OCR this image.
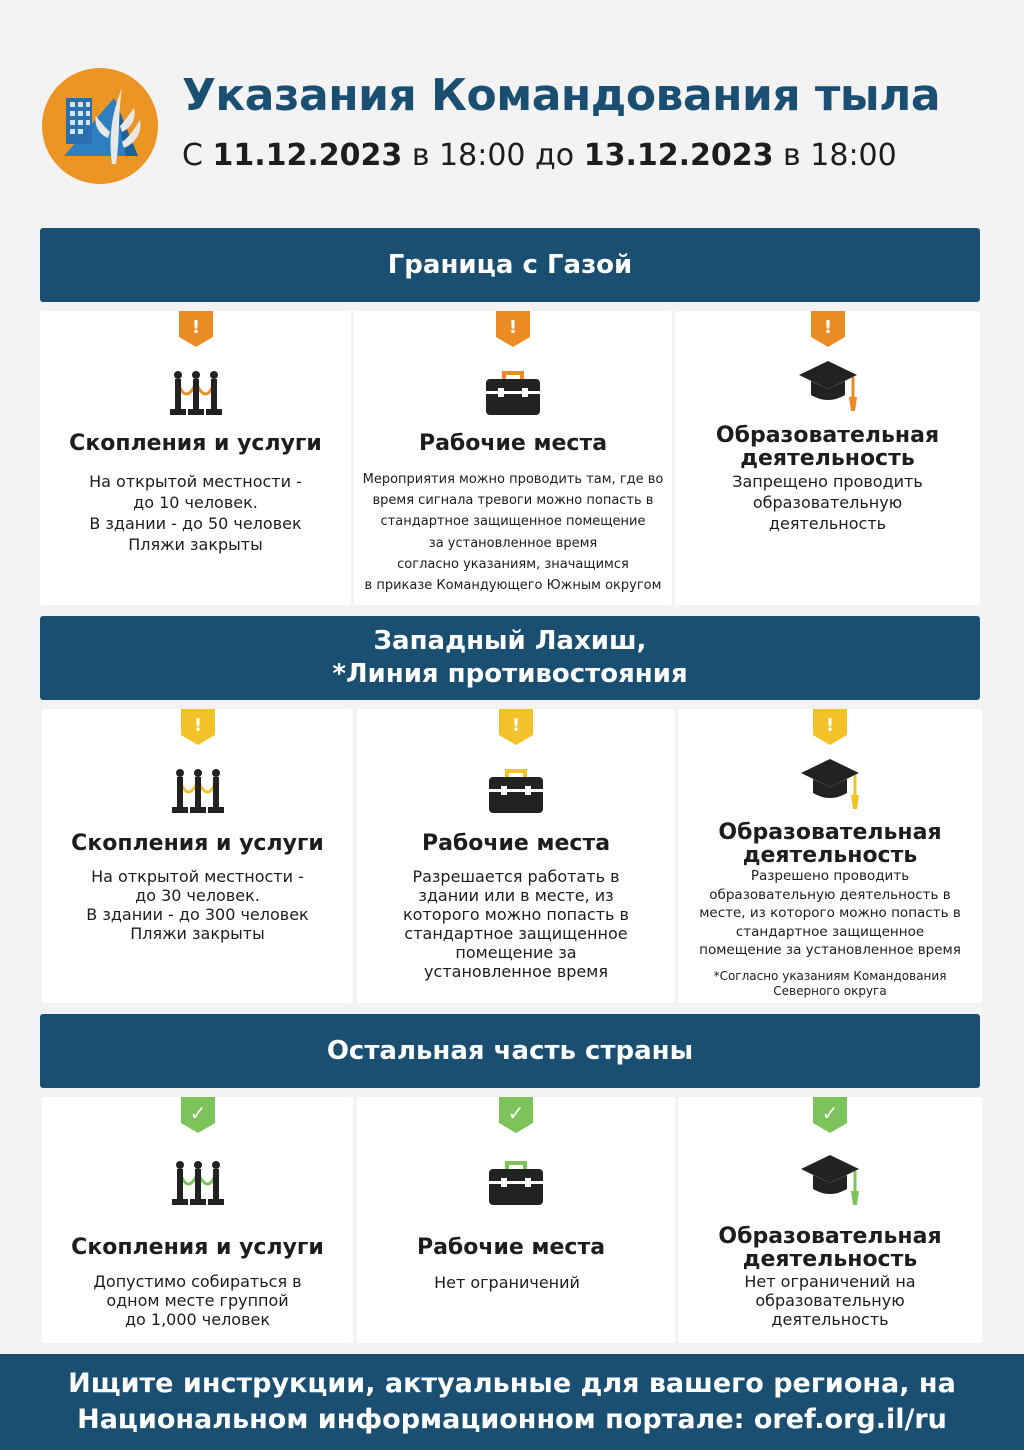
Указания Командования тыла
С 11.12.2023 в 18:00 до 13.12.2023 в 18:00
Граница с Газой
!
Скопления и услуги
На открытой местности -
до 10 человек.
В здании - до 50 человек
Пляжи закрыты
!
Рабочие места
Мероприятия можно проводить там, где во
время сигнала тревоги можно попасть в
стандартное защищенное помещение
за установленное время
согласно указаниям, значащимся
в приказе Командующего Южным округом
!
Образовательная
деятельность
Запрещено проводить
образовательную
деятельность
Западный Лахиш,
*Линия противостояния
!
Скопления и услуги
На открытой местности -
до 30 человек.
В здании - до 300 человек
Пляжи закрыты
!
Рабочие места
Разрешается работать в
здании или в месте, из
которого можно попасть в
стандартное защищенное
помещение за
установленное время
!
Образовательная
деятельность
Разрешено проводить
образовательную деятельность в
месте, из которого можно попасть в
стандартное защищенное
помещение за установленное время
*Согласно указаниям Командования
Северного округа
Остальная часть страны
✓
Скопления и услуги
Допустимо собираться в
одном месте группой
до 1,000 человек
✓
Рабочие места
Нет ограничений
✓
Образовательная
деятельность
Нет ограничений на
образовательную
деятельность
Ищите инструкции, актуальные для вашего региона, на
Национальном информационном портале: oref.org.il/ru
